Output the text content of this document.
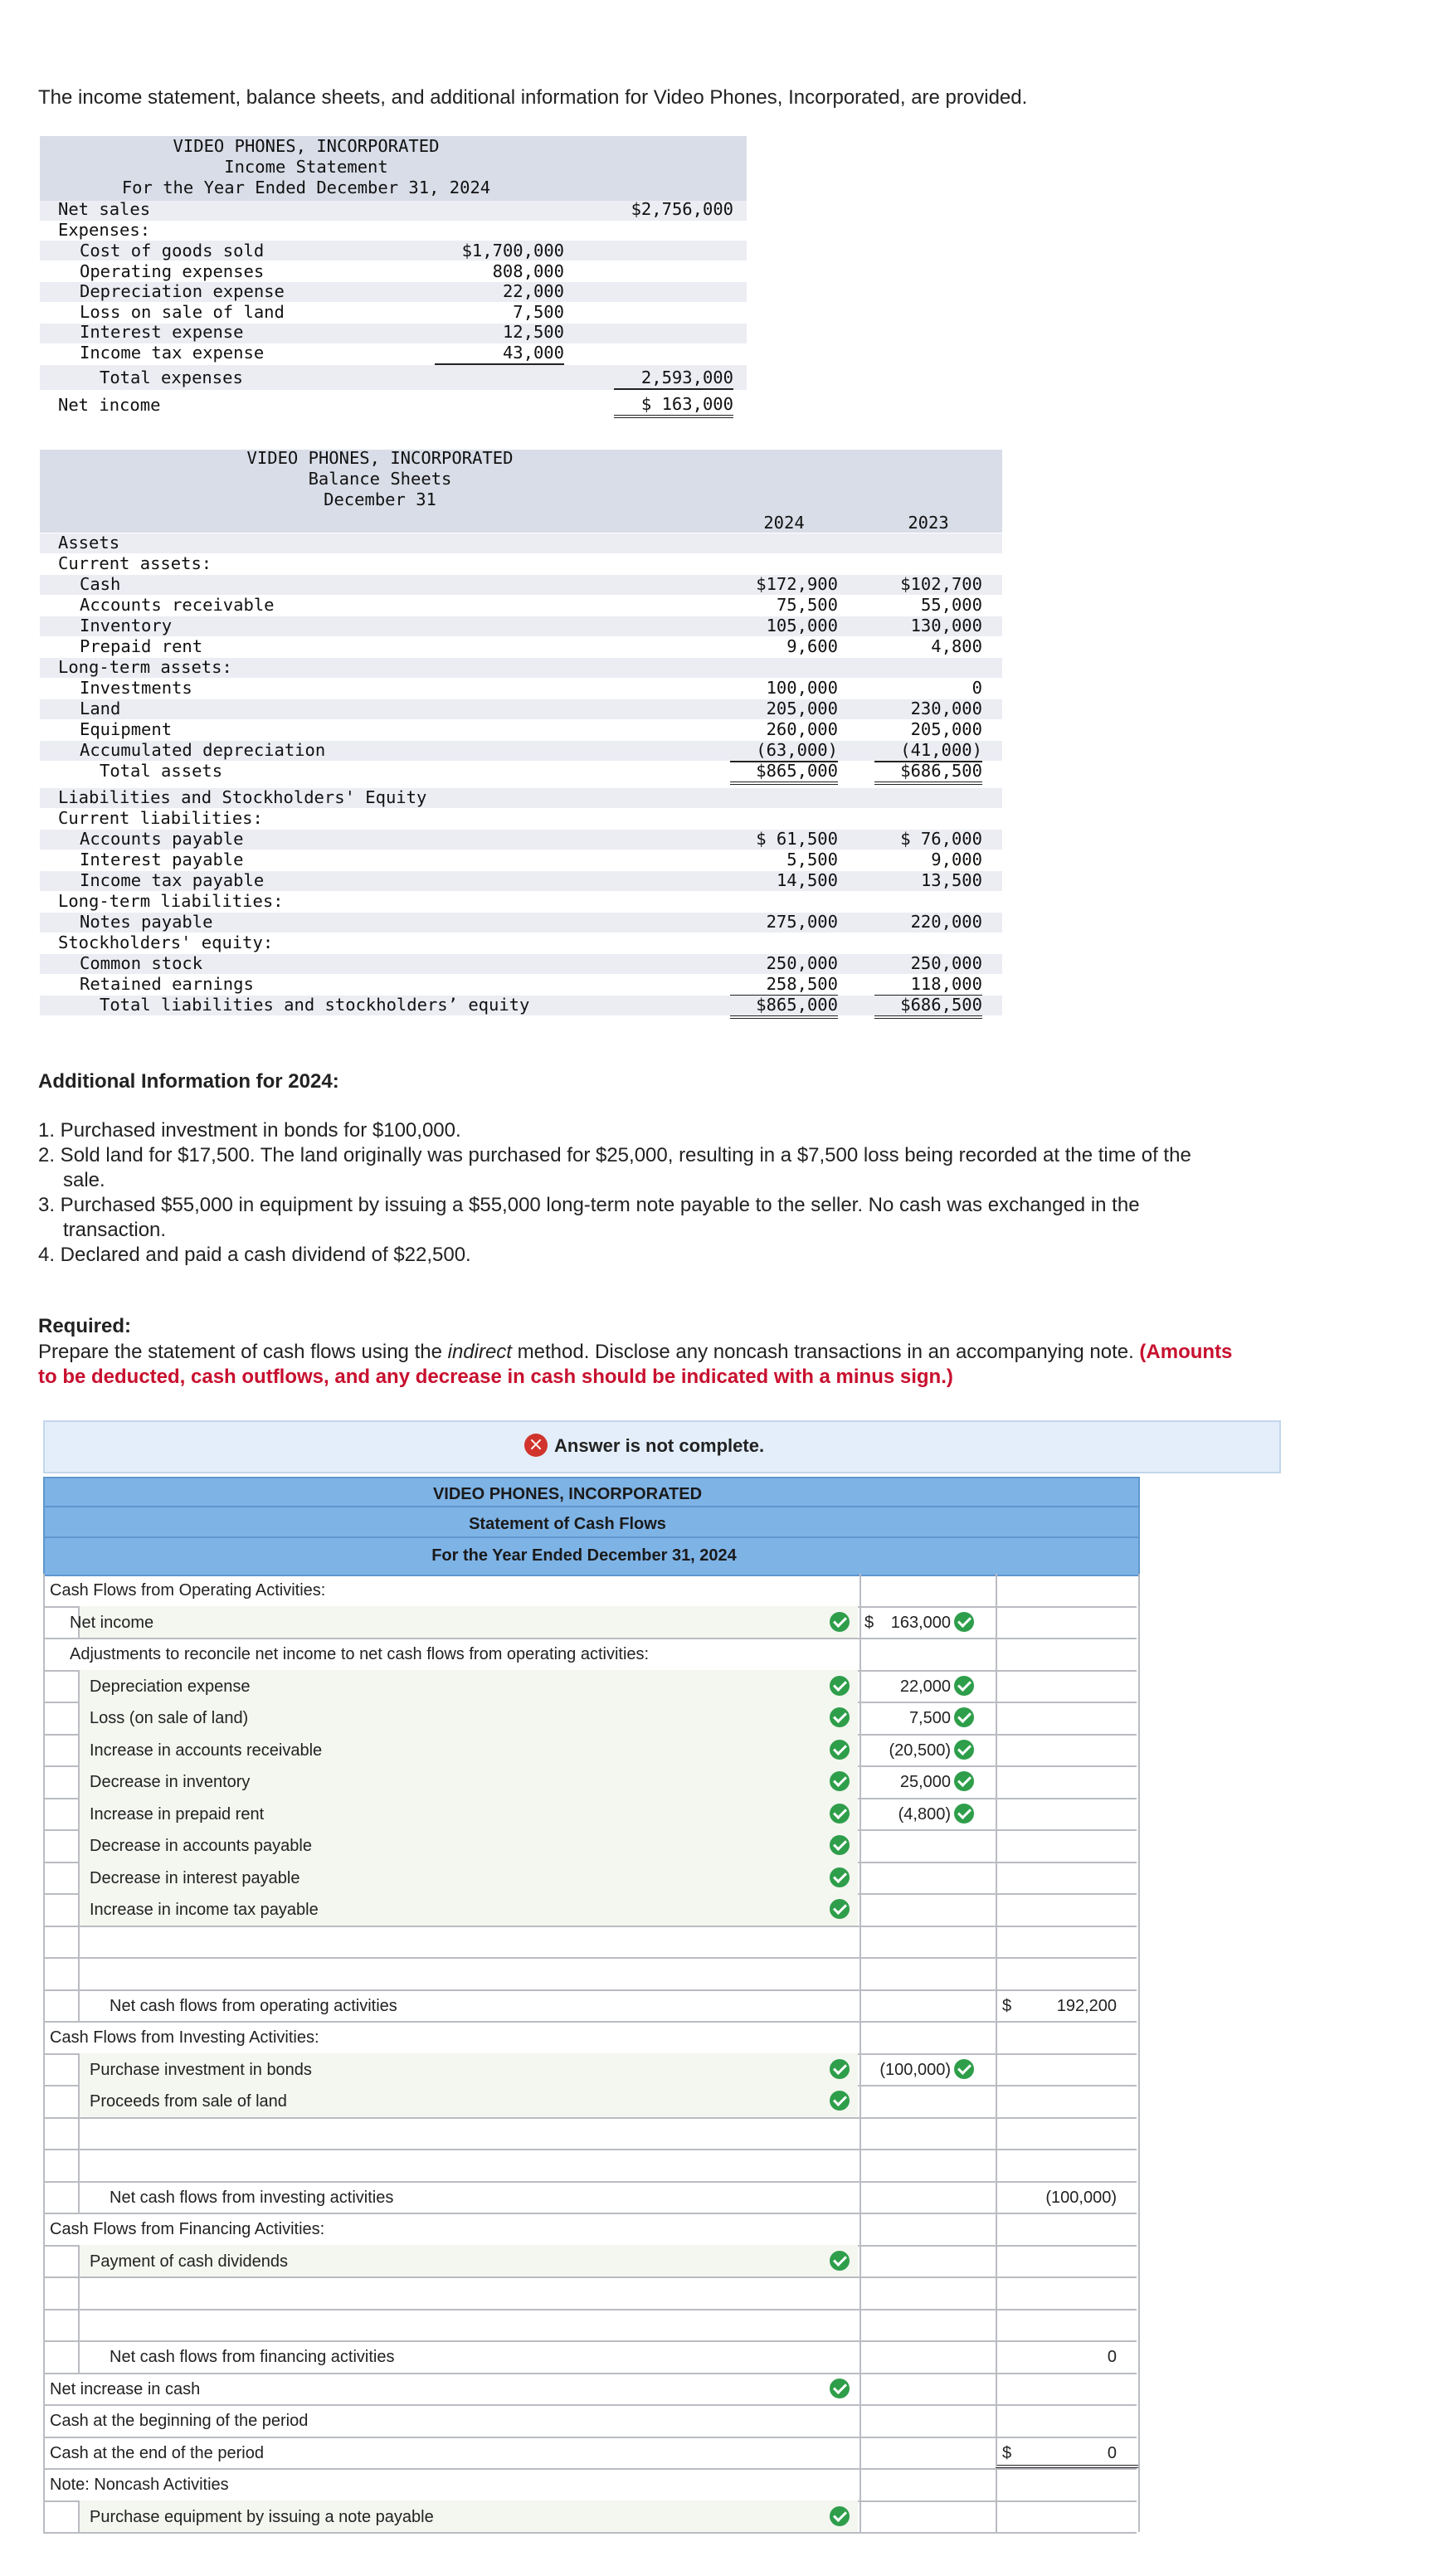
The income statement, balance sheets, and additional information for Video Phones, Incorporated, are provided.
VIDEO PHONES, INCORPORATED
Income Statement
For the Year Ended December 31, 2024
Net sales	$2,756,000
Expenses:
Cost of goods sold	$1,700,000
Operating expenses	808,000
Depreciation expense	22,000
Loss on sale of land	7,500
Interest expense	12,500
Income tax expense	43,000
Total expenses	2,593,000
Net income	$ 163,000
VIDEO PHONES, INCORPORATED
Balance Sheets
December 31
2024	2023
Assets
Current assets:
Cash	$172,900	$102,700
Accounts receivable	75,500	55,000
Inventory	105,000	130,000
Prepaid rent	9,600	4,800
Long-term assets:
Investments	100,000	0
Land	205,000	230,000
Equipment	260,000	205,000
Accumulated depreciation	(63,000)	(41,000)
Total assets	$865,000	$686,500
Liabilities and Stockholders' Equity
Current liabilities:
Accounts payable	$ 61,500	$ 76,000
Interest payable	5,500	9,000
Income tax payable	14,500	13,500
Long-term liabilities:
Notes payable	275,000	220,000
Stockholders' equity:
Common stock	250,000	250,000
Retained earnings	258,500	118,000
Total liabilities and stockholders’ equity	$865,000	$686,500
Additional Information for 2024:
1. Purchased investment in bonds for $100,000.
2. Sold land for $17,500. The land originally was purchased for $25,000, resulting in a $7,500 loss being recorded at the time of the
sale.
3. Purchased $55,000 in equipment by issuing a $55,000 long-term note payable to the seller. No cash was exchanged in the
transaction.
4. Declared and paid a cash dividend of $22,500.
Required:
Prepare the statement of cash flows using the indirect method. Disclose any noncash transactions in an accompanying note. (Amounts
to be deducted, cash outflows, and any decrease in cash should be indicated with a minus sign.)
× Answer is not complete.
VIDEO PHONES, INCORPORATED
Statement of Cash Flows
For the Year Ended December 31, 2024
Cash Flows from Operating Activities:
Net income	$	163,000
Adjustments to reconcile net income to net cash flows from operating activities:
Depreciation expense	22,000
Loss (on sale of land)	7,500
Increase in accounts receivable	(20,500)
Decrease in inventory	25,000
Increase in prepaid rent	(4,800)
Decrease in accounts payable
Decrease in interest payable
Increase in income tax payable
Net cash flows from operating activities	$	192,200
Cash Flows from Investing Activities:
Purchase investment in bonds	(100,000)
Proceeds from sale of land
Net cash flows from investing activities	(100,000)
Cash Flows from Financing Activities:
Payment of cash dividends
Net cash flows from financing activities	0
Net increase in cash
Cash at the beginning of the period
Cash at the end of the period	$	0
Note: Noncash Activities
Purchase equipment by issuing a note payable
